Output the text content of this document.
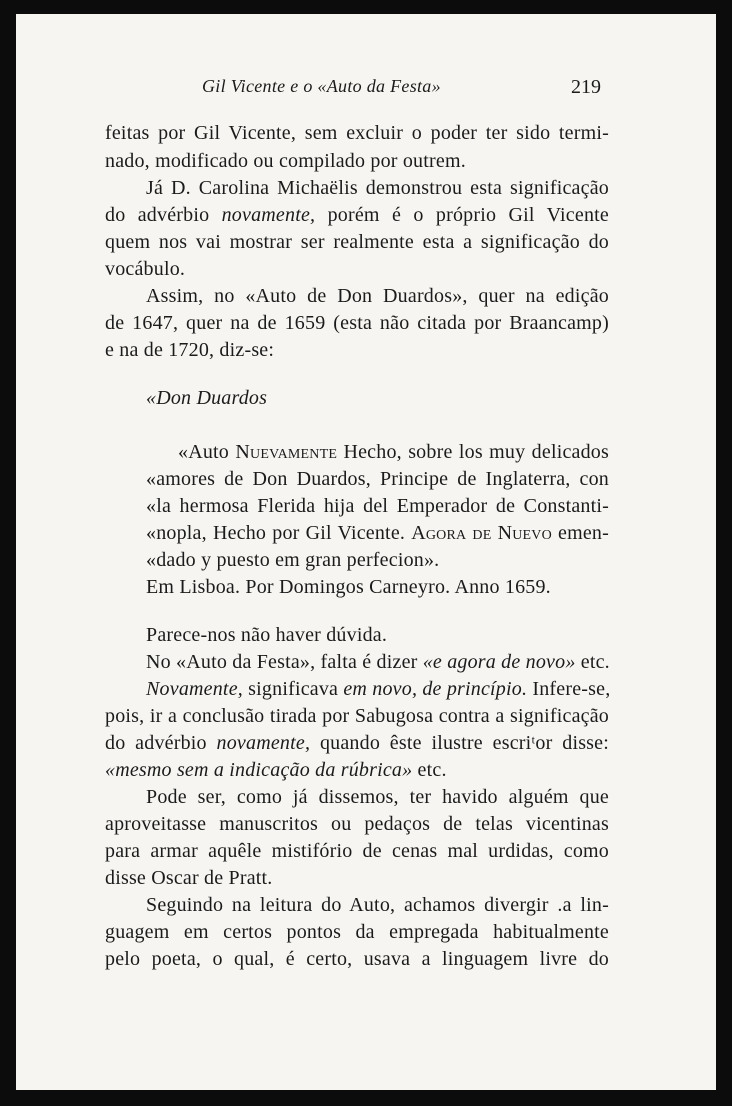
Gil Vicente e o «Auto da Festa»	219
feitas por Gil Vicente, sem excluir o poder ter sido termi-
nado, modificado ou compilado por outrem.
Já D. Carolina Michaëlis demonstrou esta significação
do advérbio novamente, porém é o próprio Gil Vicente
quem nos vai mostrar ser realmente esta a significação do
vocábulo.
Assim, no «Auto de Don Duardos», quer na edição
de 1647, quer na de 1659 (esta não citada por Braancamp)
e na de 1720, diz-se:
«Don Duardos
«Auto Nuevamente Hecho, sobre los muy delicados
«amores de Don Duardos, Principe de Inglaterra, con
«la hermosa Flerida hija del Emperador de Constanti-
«nopla, Hecho por Gil Vicente. Agora de Nuevo emen-
«dado y puesto em gran perfecion».
Em Lisboa. Por Domingos Carneyro. Anno 1659.
Parece-nos não haver dúvida.
No «Auto da Festa», falta é dizer «e agora de novo» etc.
Novamente, significava em novo, de princípio. Infere-se,
pois, ir a conclusão tirada por Sabugosa contra a significação
do advérbio novamente, quando êste ilustre escriᵗor disse:
«mesmo sem a indicação da rúbrica» etc.
Pode ser, como já dissemos, ter havido alguém que
aproveitasse manuscritos ou pedaços de telas vicentinas
para armar aquêle mistifório de cenas mal urdidas, como
disse Oscar de Pratt.
Seguindo na leitura do Auto, achamos divergir .a lin-
guagem em certos pontos da empregada habitualmente
pelo poeta, o qual, é certo, usava a linguagem livre do
